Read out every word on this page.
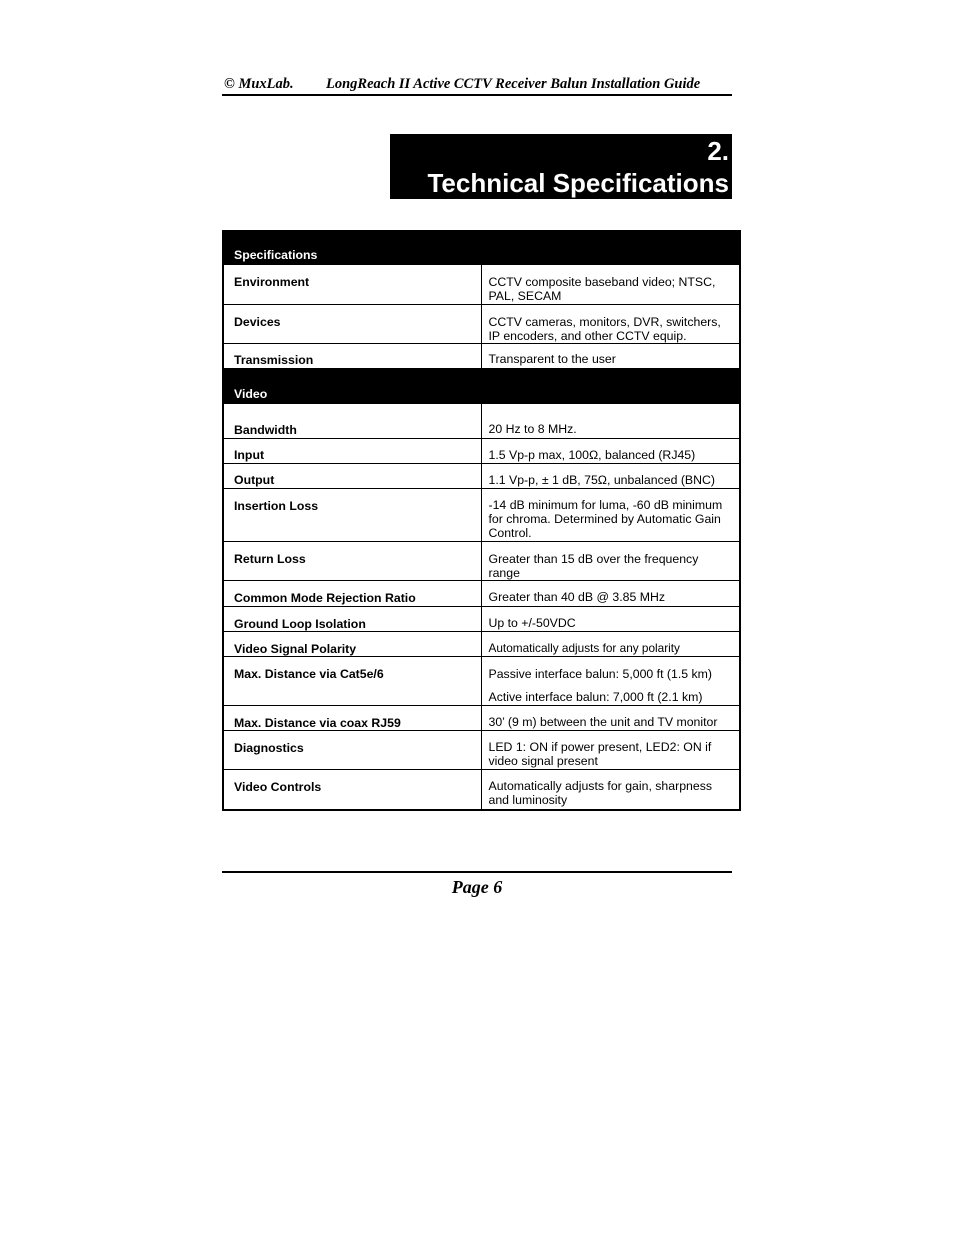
© MuxLab. LongReach II Active CCTV Receiver Balun Installation Guide
2.
Technical Specifications
Specifications	
Environment	CCTV composite baseband video; NTSC, PAL, SECAM
Devices	CCTV cameras, monitors, DVR, switchers, IP encoders, and other CCTV equip.
Transmission	Transparent to the user
Video	
Bandwidth	20 Hz to 8 MHz.
Input	1.5 Vp-p max, 100Ω, balanced (RJ45)
Output	1.1 Vp-p, ± 1 dB, 75Ω, unbalanced (BNC)
Insertion Loss	-14 dB minimum for luma, -60 dB minimum for chroma. Determined by Automatic Gain Control.
Return Loss	Greater than 15 dB over the frequency range
Common Mode Rejection Ratio	Greater than 40 dB @ 3.85 MHz
Ground Loop Isolation	Up to +/-50VDC
Video Signal Polarity	Automatically adjusts for any polarity
Max. Distance via Cat5e/6	Passive interface balun: 5,000 ft (1.5 km)
Active interface balun: 7,000 ft (2.1 km)

Max. Distance via coax RJ59	30’ (9 m) between the unit and TV monitor
Diagnostics	LED 1: ON if power present, LED2: ON if video signal present
Video Controls	Automatically adjusts for gain, sharpness and luminosity
Page 6
